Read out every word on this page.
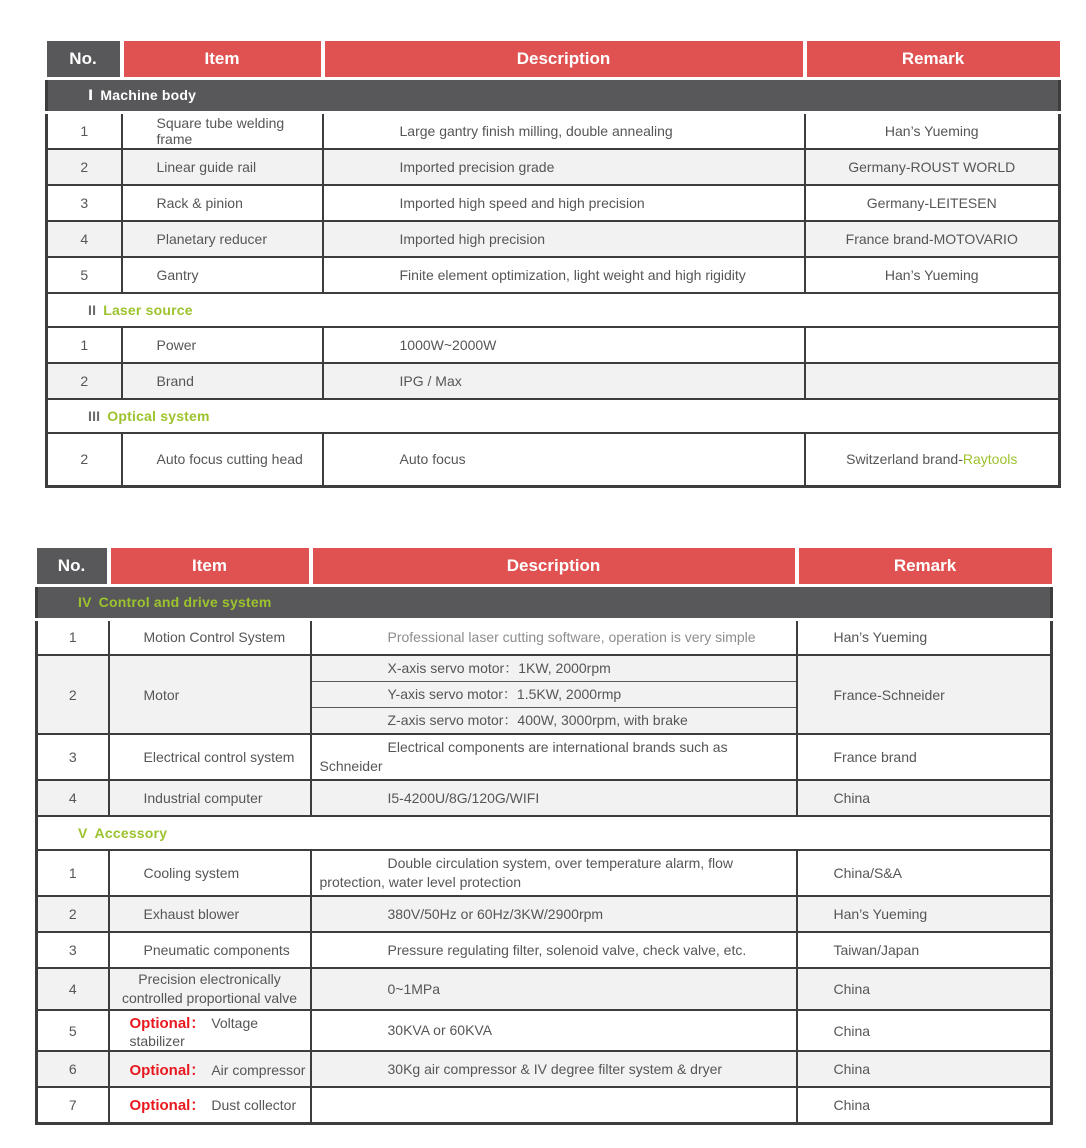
No.	Item	Description	Remark
Ⅰ Machine body			
1	Square tube welding frame	Large gantry finish milling, double annealing	Han’s Yueming
2	Linear guide rail	Imported precision grade	Germany-ROUST WORLD
3	Rack & pinion	Imported high speed and high precision	Germany-LEITESEN
4	Planetary reducer	Imported high precision	France brand-MOTOVARIO
5	Gantry	Finite element optimization, light weight and high rigidity	Han’s Yueming
II Laser source			
1	Power	1000W~2000W	

2	Brand	IPG / Max	

III Optical system			
2	Auto focus cutting head	Auto focus	Switzerland brand-Raytools
No.	Item	Description	Remark
IV Control and drive system			
1	Motion Control System	Professional laser cutting software, operation is very simple	Han’s Yueming
2	Motor	X-axis servo motor：1KW, 2000rpm	France-Schneider

		Y-axis servo motor：1.5KW, 2000rmp	

		Z-axis servo motor：400W, 3000rpm, with brake	

3	Electrical control system	Electrical components are international brands such as Schneider	France brand
4	Industrial computer	I5-4200U/8G/120G/WIFI	China
V Accessory			
1	Cooling system	Double circulation system, over temperature alarm, flow protection, water level protection	China/S&A
2	Exhaust blower	380V/50Hz or 60Hz/3KW/2900rpm	Han’s Yueming
3	Pneumatic components	Pressure regulating filter, solenoid valve, check valve, etc.	Taiwan/Japan
4	Precision electronically controlled proportional valve	0~1MPa	China
5	Optional： Voltage stabilizer	30KVA or 60KVA	China
6	Optional： Air compressor	30Kg air compressor & IV degree filter system & dryer	China
7	Optional： Dust collector		China
